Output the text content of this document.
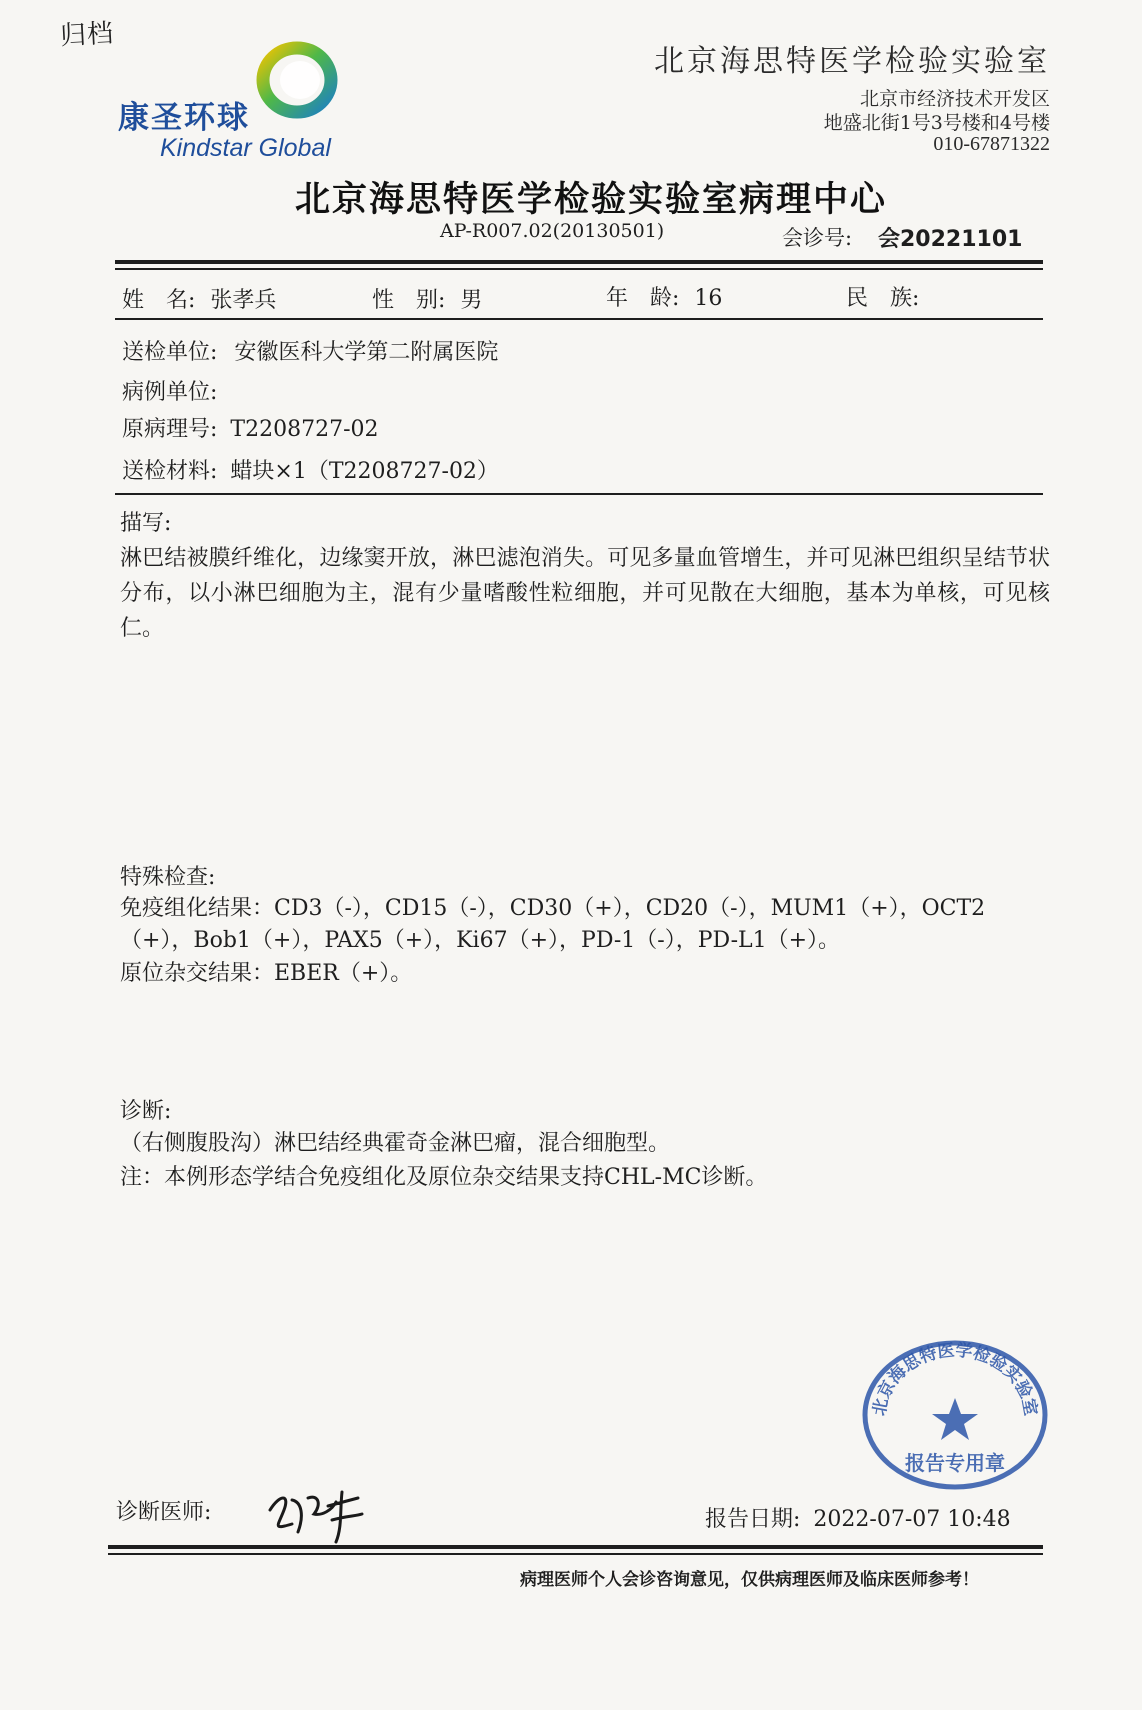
归档
康圣环球
Kindstar Global
北京海思特医学检验实验室
北京市经济技术开发区
地盛北街1号3号楼和4号楼
010-67871322
北京海思特医学检验实验室病理中心
AP-R007.02(20130501)	会诊号: 会20221101
姓　名: 张孝兵	性　别: 男	年　龄: 16	民　族:
送检单位: 安徽医科大学第二附属医院
病例单位:
原病理号: T2208727-02
送检材料: 蜡块×1（T2208727-02）
描写:
淋巴结被膜纤维化，边缘窦开放，淋巴滤泡消失。可见多量血管增生，并可见淋巴组织呈结节状分布，以小淋巴细胞为主，混有少量嗜酸性粒细胞，并可见散在大细胞，基本为单核，可见核仁。
特殊检查:
免疫组化结果：CD3（-），CD15（-），CD30（+），CD20（-），MUM1（+），OCT2
（+），Bob1（+），PAX5（+），Ki67（+），PD-1（-），PD-L1（+）。
原位杂交结果：EBER（+）。
诊断:
（右侧腹股沟）淋巴结经典霍奇金淋巴瘤，混合细胞型。
注：本例形态学结合免疫组化及原位杂交结果支持CHL-MC诊断。
北京海思特医学检验实验室
报告专用章
诊断医师:	报告日期: 2022-07-07 10:48
病理医师个人会诊咨询意见，仅供病理医师及临床医师参考！
